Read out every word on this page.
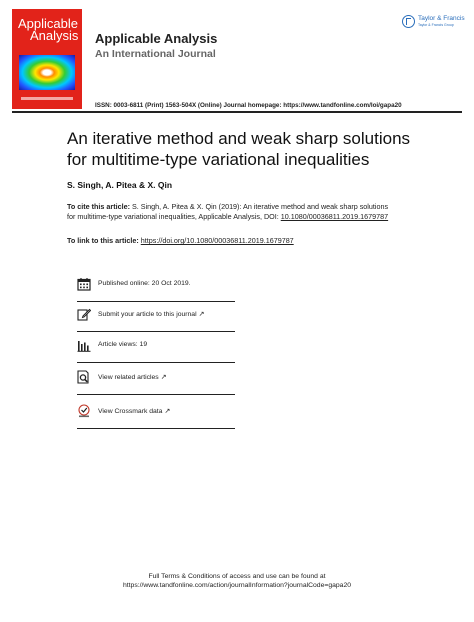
Applicable
Analysis Applicable Analysis
An International Journal
Taylor & Francis
Taylor & Francis Group
ISSN: 0003-6811 (Print) 1563-504X (Online) Journal homepage: https://www.tandfonline.com/loi/gapa20
An iterative method and weak sharp solutions for multitime-type variational inequalities
S. Singh, A. Pitea & X. Qin
To cite this article: S. Singh, A. Pitea & X. Qin (2019): An iterative method and weak sharp solutions for multitime-type variational inequalities, Applicable Analysis, DOI: 10.1080/00036811.2019.1679787
To link to this article: https://doi.org/10.1080/00036811.2019.1679787
Published online: 20 Oct 2019.
Submit your article to this journal ↗
Article views: 19
View related articles ↗
View Crossmark data ↗
Full Terms & Conditions of access and use can be found at
https://www.tandfonline.com/action/journalInformation?journalCode=gapa20
